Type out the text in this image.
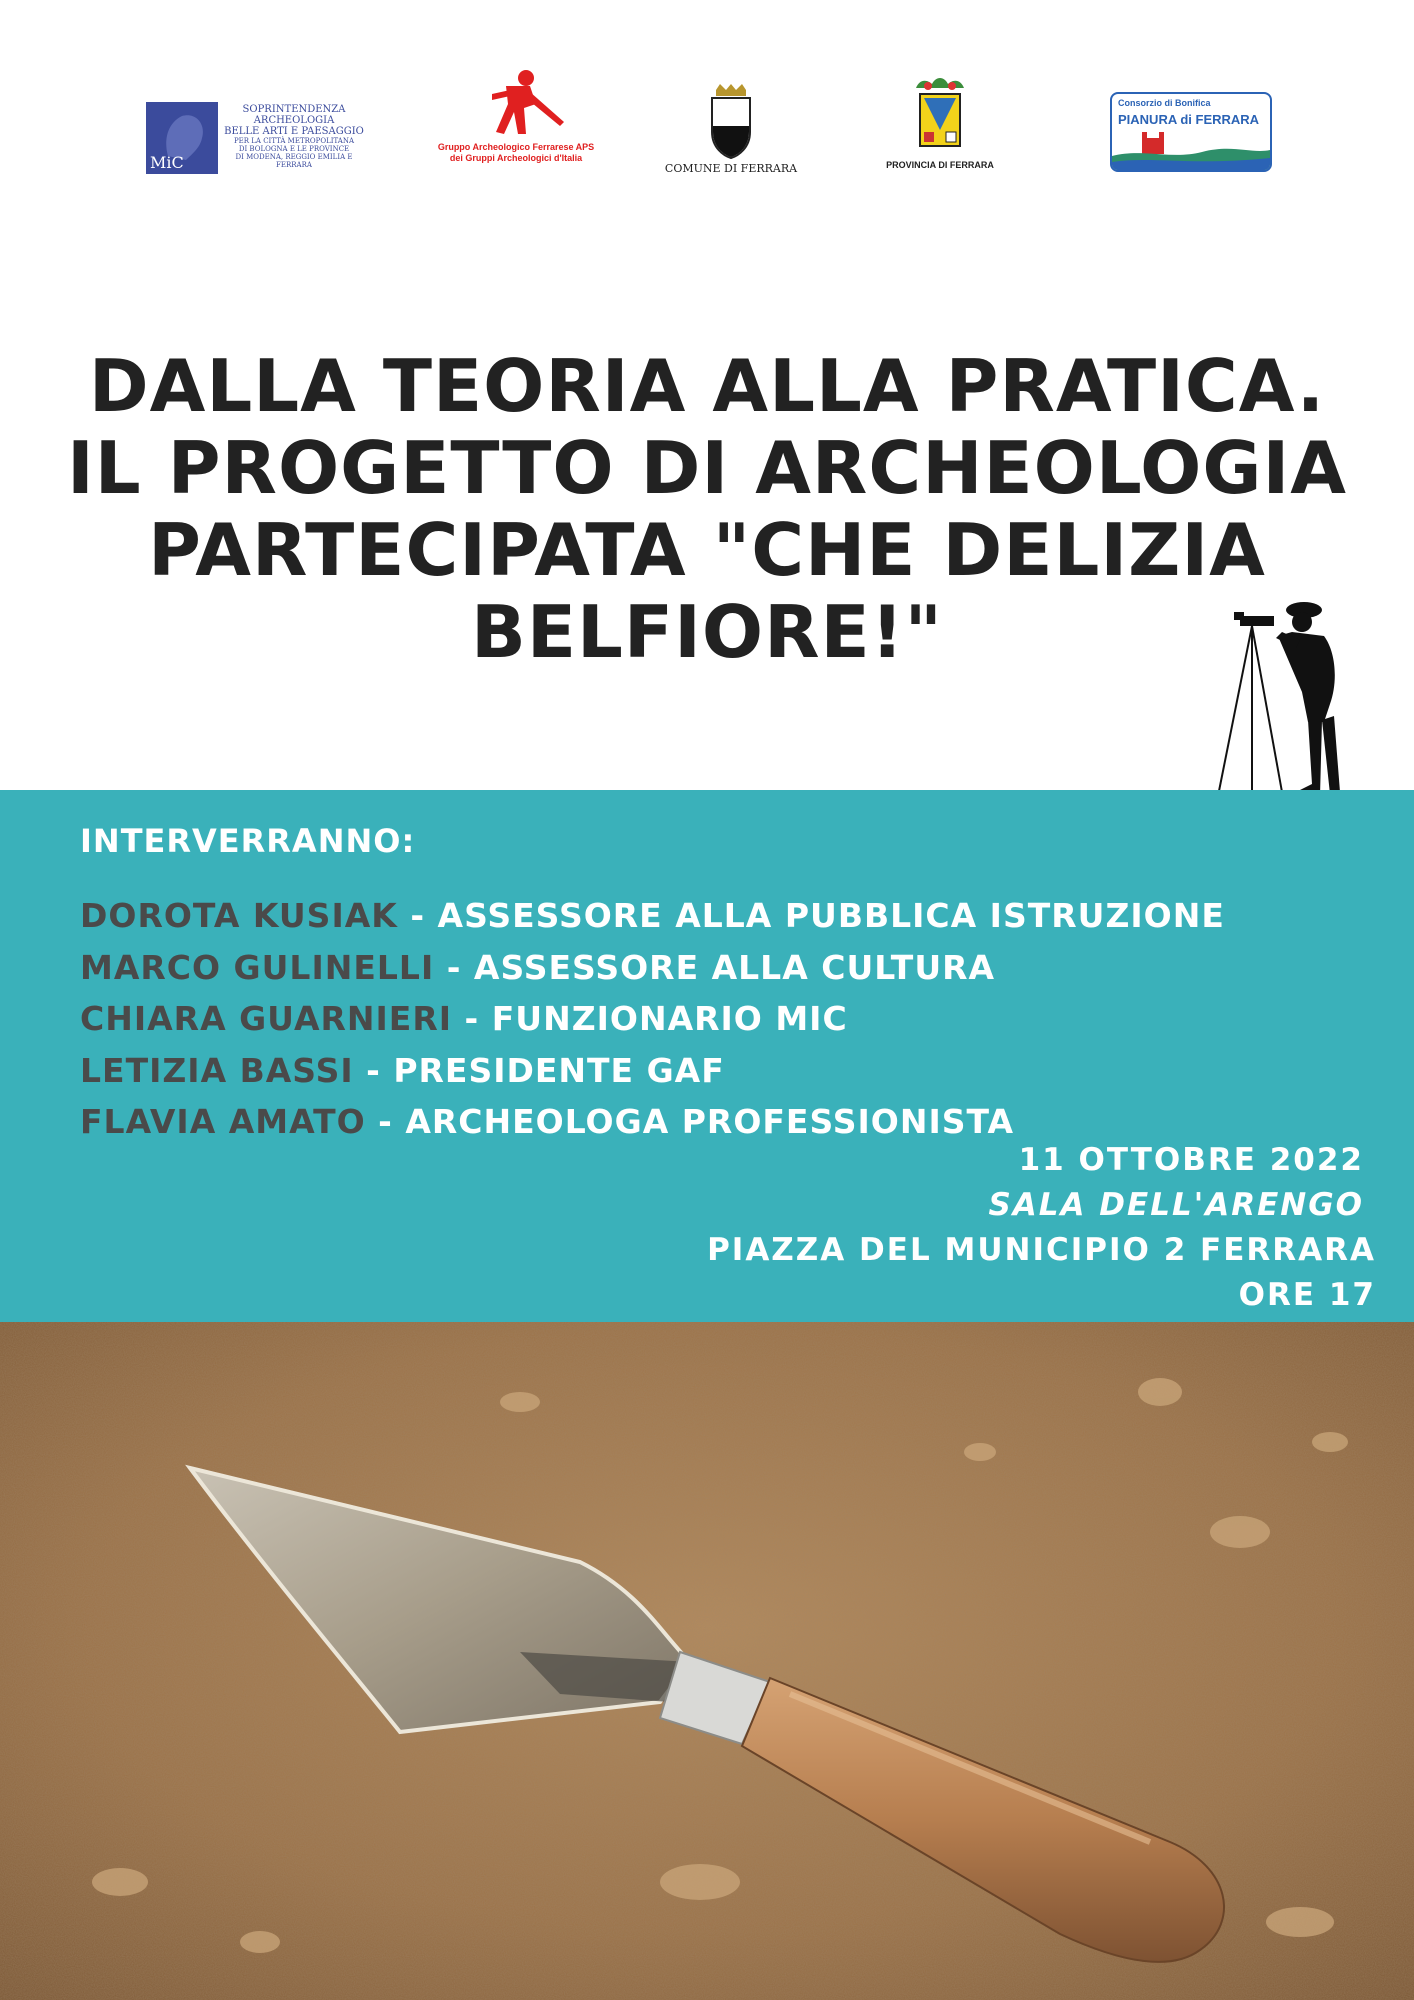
MiC
SOPRINTENDENZA
ARCHEOLOGIA
BELLE ARTI E PAESAGGIO
PER LA CITTÀ METROPOLITANA
DI BOLOGNA E LE PROVINCE
DI MODENA, REGGIO EMILIA E FERRARA
Gruppo Archeologico Ferrarese APS
dei Gruppi Archeologici d'Italia
COMUNE DI FERRARA	PROVINCIA DI FERRARA
Consorzio di Bonifica
PIANURA di FERRARA
DALLA TEORIA ALLA PRATICA.
IL PROGETTO DI ARCHEOLOGIA
PARTECIPATA "CHE DELIZIA
BELFIORE!"
INTERVERRANNO:
DOROTA KUSIAK - ASSESSORE ALLA PUBBLICA ISTRUZIONE
MARCO GULINELLI - ASSESSORE ALLA CULTURA
CHIARA GUARNIERI - FUNZIONARIO MIC
LETIZIA BASSI - PRESIDENTE GAF
FLAVIA AMATO - ARCHEOLOGA PROFESSIONISTA
11 OTTOBRE 2022
SALA DELL'ARENGO
PIAZZA DEL MUNICIPIO 2 FERRARA
ORE 17
